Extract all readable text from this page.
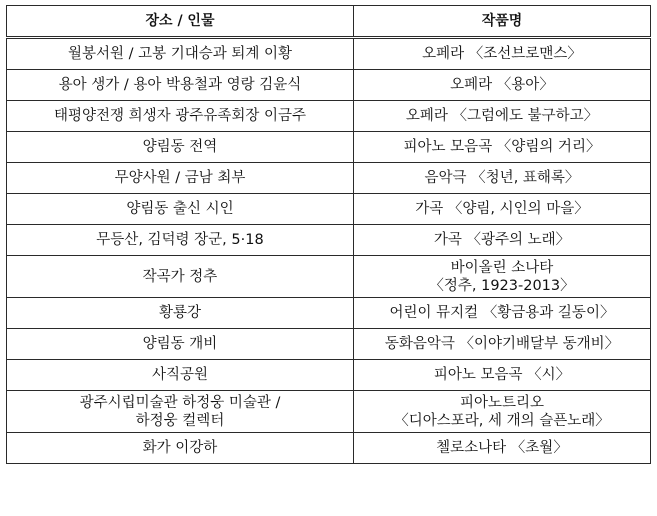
장소 / 인물	작품명

월봉서원 / 고봉 기대승과 퇴계 이황	오페라 〈조선브로맨스〉

용아 생가 / 용아 박용철과 영랑 김윤식	오페라 〈용아〉

태평양전쟁 희생자 광주유족회장 이금주	오페라 〈그럼에도 불구하고〉

양림동 전역	피아노 모음곡 〈양림의 거리〉

무양사원 / 금남 최부	음악극 〈청년, 표해록〉

양림동 출신 시인	가곡 〈양림, 시인의 마을〉

무등산, 김덕령 장군, 5·18	가곡 〈광주의 노래〉

작곡가 정추	바이올린 소나타
〈정추, 1923-2013〉

황룡강	어린이 뮤지컬 〈황금용과 길동이〉

양림동 개비	동화음악극 〈이야기배달부 동개비〉

사직공원	피아노 모음곡 〈시〉

광주시립미술관 하정웅 미술관 /
하정웅 컬렉터	피아노트리오
〈디아스포라, 세 개의 슬픈노래〉

화가 이강하	첼로소나타 〈초월〉
